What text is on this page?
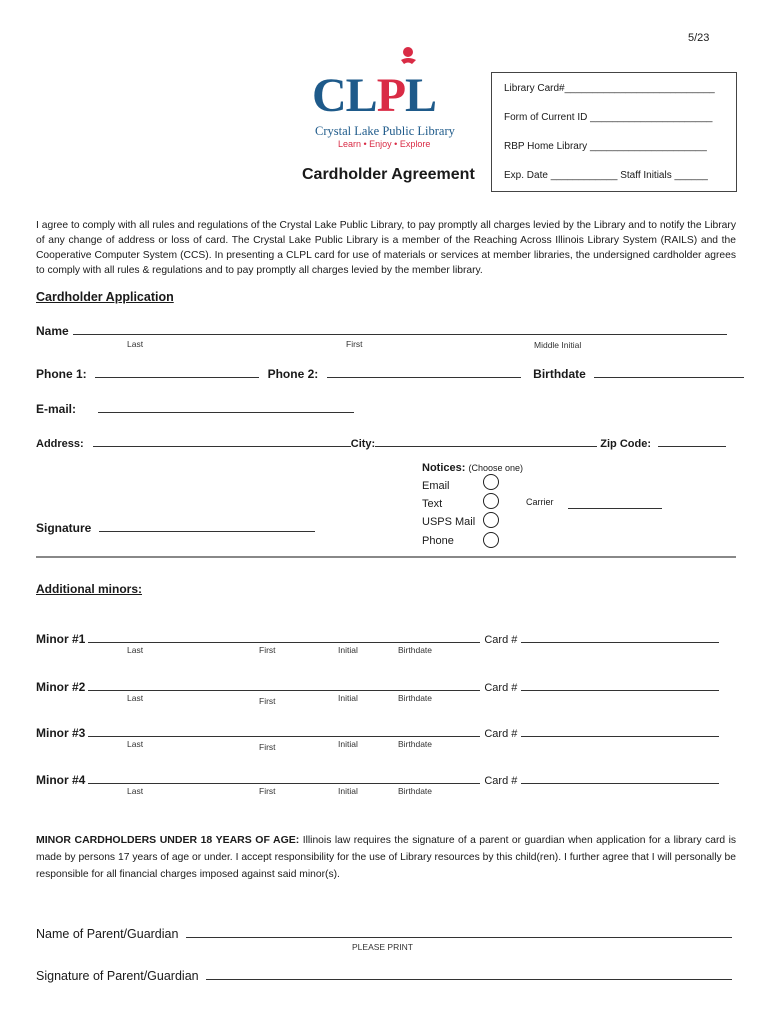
5/23
CLPL
Crystal Lake Public Library
Learn • Enjoy • Explore
Library Card#___________________________
Form of Current ID ______________________
RBP Home Library _____________________
Exp. Date ____________ Staff Initials ______
Cardholder Agreement
I agree to comply with all rules and regulations of the Crystal Lake Public Library, to pay promptly all charges levied by the Library and to notify the Library of any change of address or loss of card. The Crystal Lake Public Library is a member of the Reaching Across Illinois Library System (RAILS) and the Cooperative Computer System (CCS). In presenting a CLPL card for use of materials or services at member libraries, the undersigned cardholder agrees to comply with all rules & regulations and to pay promptly all charges levied by the member library.
Cardholder Application
Name
Last	First	Middle Initial
Phone 1:	Phone 2:	Birthdate
E-mail:
Address:	City:	Zip Code:
Notices: (Choose one)
Email
Text
USPS Mail
Phone
Carrier
Signature
Additional minors:
Minor #1	Card #
Last	First	Initial	Birthdate
Minor #2	Card #
Last	First	Initial	Birthdate
Minor #3	Card #
Last	First	Initial	Birthdate
Minor #4	Card #
Last	First	Initial	Birthdate
MINOR CARDHOLDERS UNDER 18 YEARS OF AGE: Illinois law requires the signature of a parent or guardian when application for a library card is made by persons 17 years of age or under. I accept responsibility for the use of Library resources by this child(ren). I further agree that I will personally be responsible for all financial charges imposed against said minor(s).
Name of Parent/Guardian
PLEASE PRINT
Signature of Parent/Guardian
